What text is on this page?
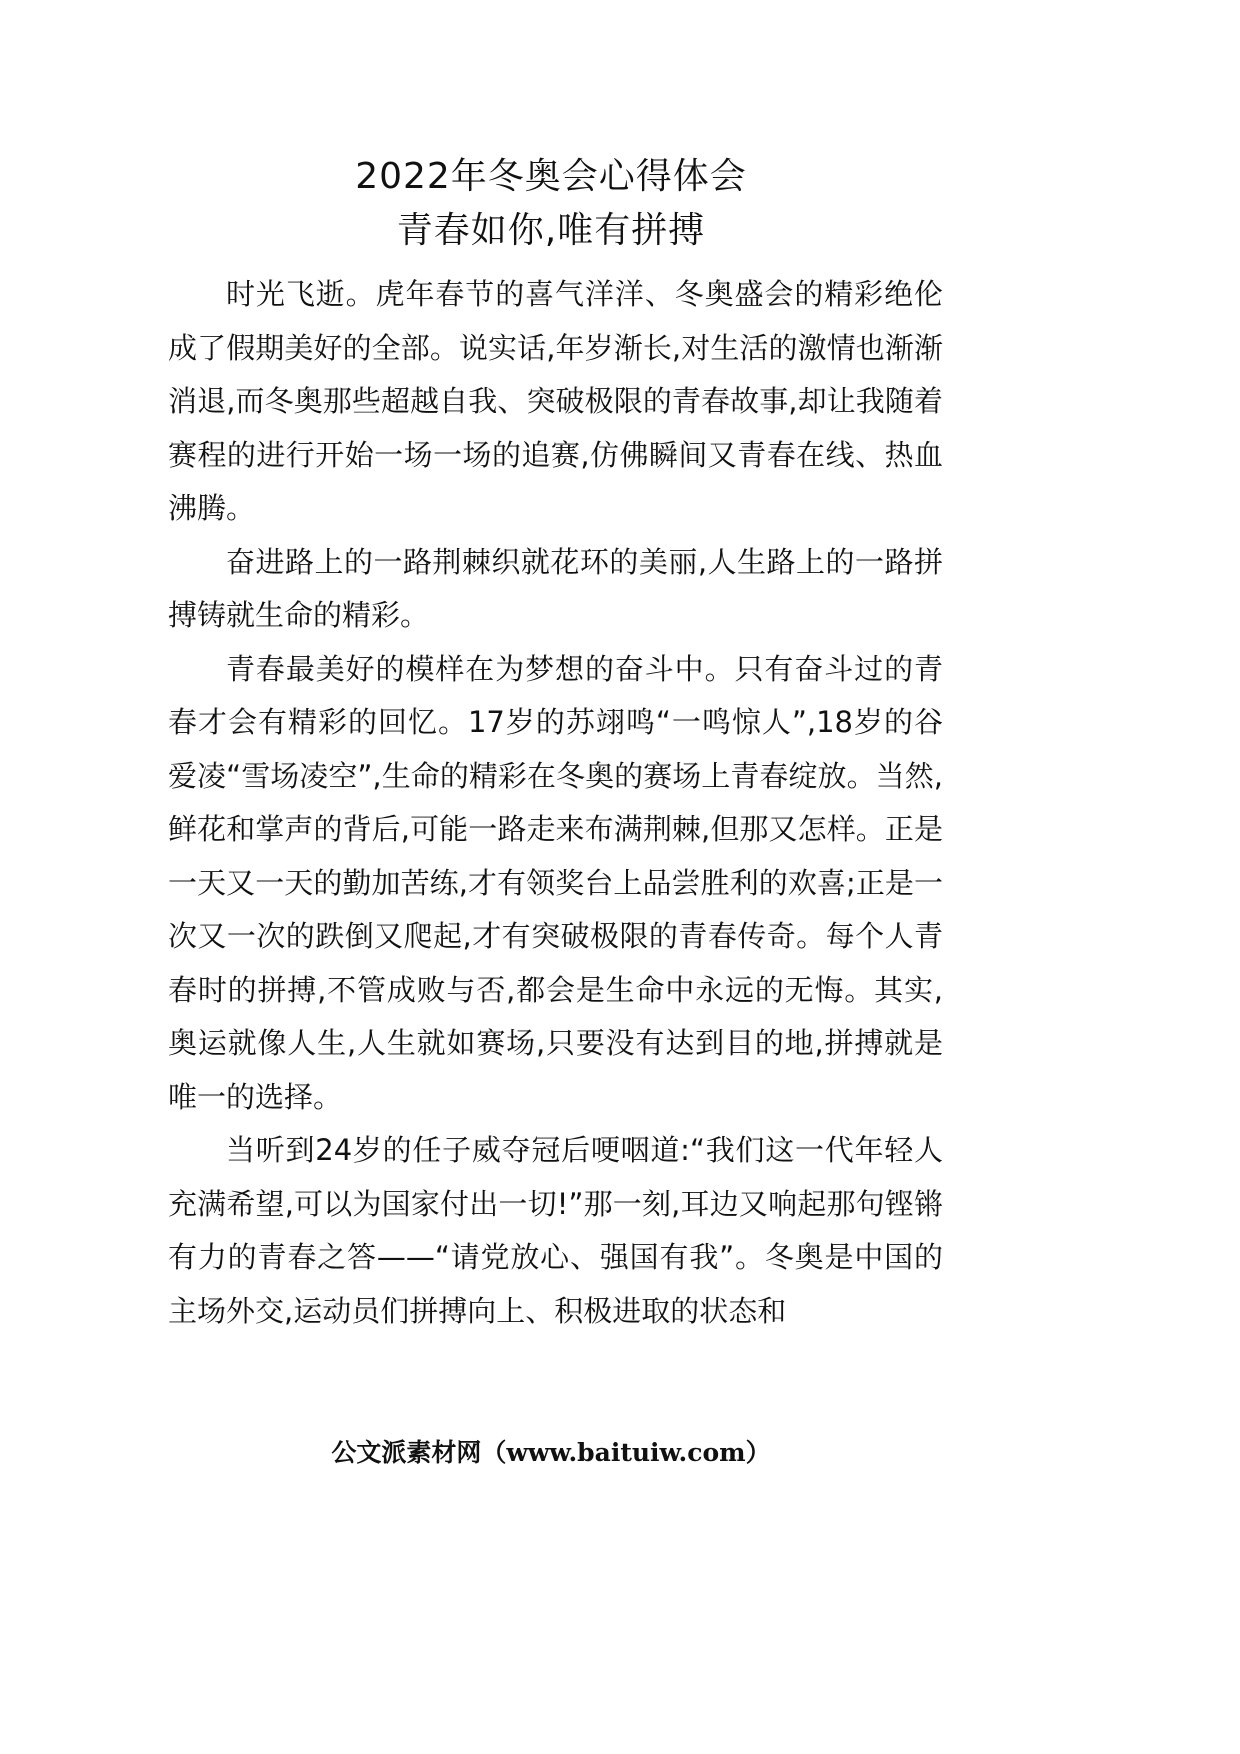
2022年冬奥会心得体会
青春如你,唯有拼搏

时光飞逝。虎年春节的喜气洋洋、冬奥盛会的精彩绝伦成了假期美好的全部。说实话,年岁渐长,对生活的激情也渐渐消退,而冬奥那些超越自我、突破极限的青春故事,却让我随着赛程的进行开始一场一场的追赛,仿佛瞬间又青春在线、热血沸腾。

奋进路上的一路荆棘织就花环的美丽,人生路上的一路拼搏铸就生命的精彩。

青春最美好的模样在为梦想的奋斗中。只有奋斗过的青春才会有精彩的回忆。17岁的苏翊鸣“一鸣惊人”,18岁的谷爱凌“雪场凌空”,生命的精彩在冬奥的赛场上青春绽放。当然,鲜花和掌声的背后,可能一路走来布满荆棘,但那又怎样。正是一天又一天的勤加苦练,才有领奖台上品尝胜利的欢喜;正是一次又一次的跌倒又爬起,才有突破极限的青春传奇。每个人青春时的拼搏,不管成败与否,都会是生命中永远的无悔。其实,奥运就像人生,人生就如赛场,只要没有达到目的地,拼搏就是唯一的选择。

当听到24岁的任子威夺冠后哽咽道:“我们这一代年轻人充满希望,可以为国家付出一切!”那一刻,耳边又响起那句铿锵有力的青春之答——“请党放心、强国有我”。冬奥是中国的主场外交,运动员们拼搏向上、积极进取的状态和

公文派素材网（www.baituiw.com）
